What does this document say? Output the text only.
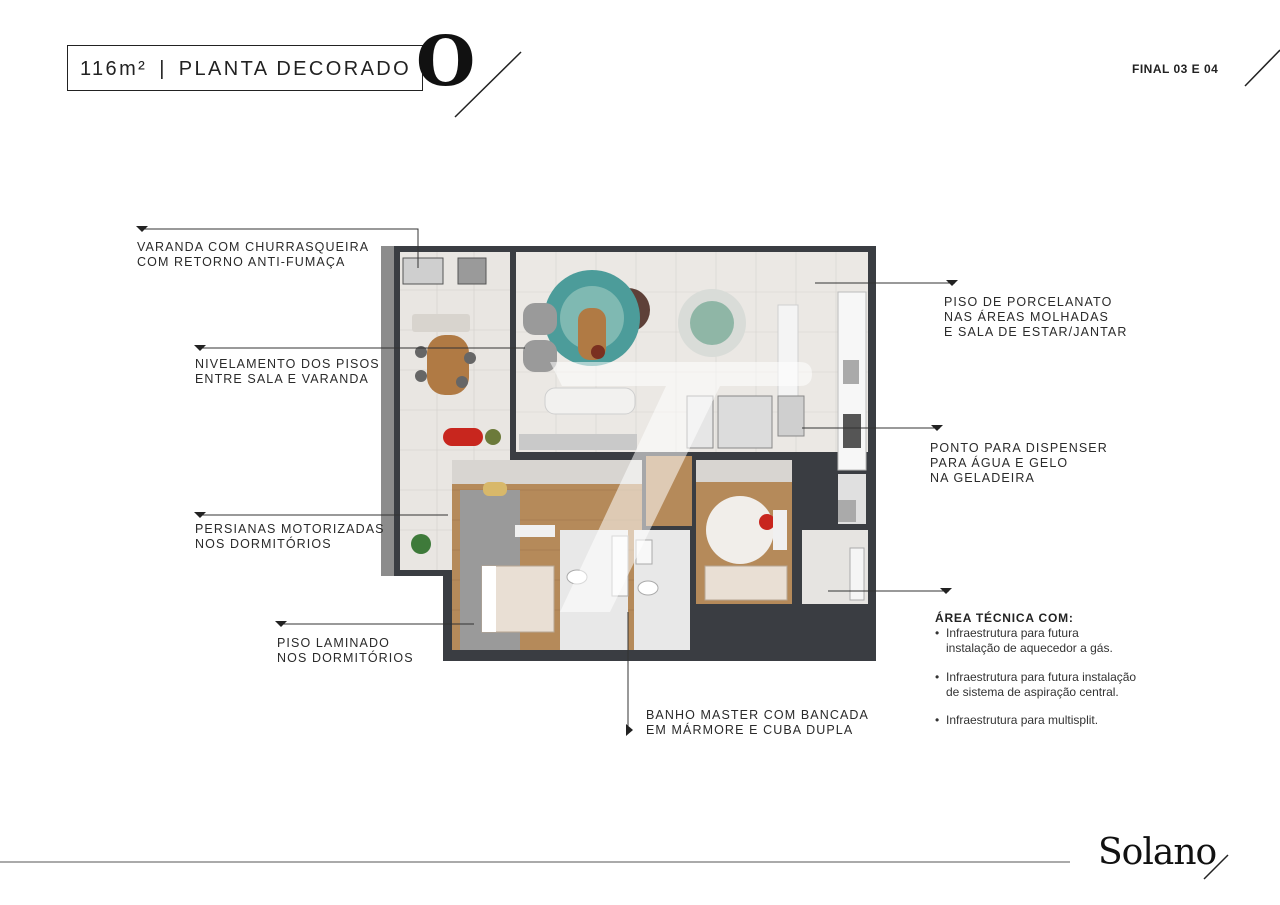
116m² | PLANTA DECORADO O	FINAL 03 E 04
VARANDA COM CHURRASQUEIRA
COM RETORNO ANTI-FUMAÇA
NIVELAMENTO DOS PISOS
ENTRE SALA E VARANDA
PERSIANAS MOTORIZADAS
NOS DORMITÓRIOS
PISO LAMINADO
NOS DORMITÓRIOS
PISO DE PORCELANATO
NAS ÁREAS MOLHADAS
E SALA DE ESTAR/JANTAR
PONTO PARA DISPENSER
PARA ÁGUA E GELO
NA GELADEIRA
BANHO MASTER COM BANCADA
EM MÁRMORE E CUBA DUPLA
ÁREA TÉCNICA COM:
• Infraestrutura para futura
instalação de aquecedor a gás.
• Infraestrutura para futura instalação
de sistema de aspiração central.
• Infraestrutura para multisplit.
Solano
